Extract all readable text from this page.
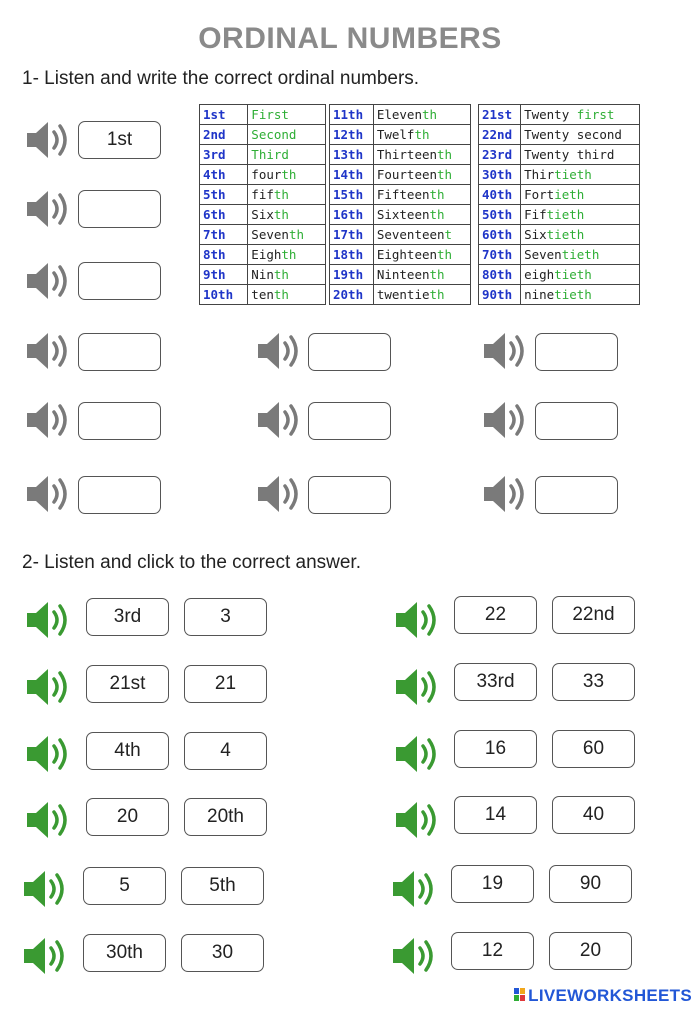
ORDINAL NUMBERS
1- Listen and write the correct ordinal numbers.
1st
1st	First
2nd	Second
3rd	Third
4th	fourth
5th	fifth
6th	Sixth
7th	Seventh
8th	Eighth
9th	Ninth
10th	tenth
11th	Eleventh
12th	Twelfth
13th	Thirteenth
14th	Fourteenth
15th	Fifteenth
16th	Sixteenth
17th	Seventeent
18th	Eighteenth
19th	Ninteenth
20th	twentieth
21st	Twenty first
22nd	Twenty second
23rd	Twenty third
30th	Thirtieth
40th	Fortieth
50th	Fiftieth
60th	Sixtieth
70th	Seventieth
80th	eightieth
90th	ninetieth
2- Listen and click to the correct answer.
3rd	3	22	22nd
21st	21	33rd	33
4th	4	16	60
20	20th	14	40
5	5th	19	90
30th	30	12	20
LIVEWORKSHEETS
